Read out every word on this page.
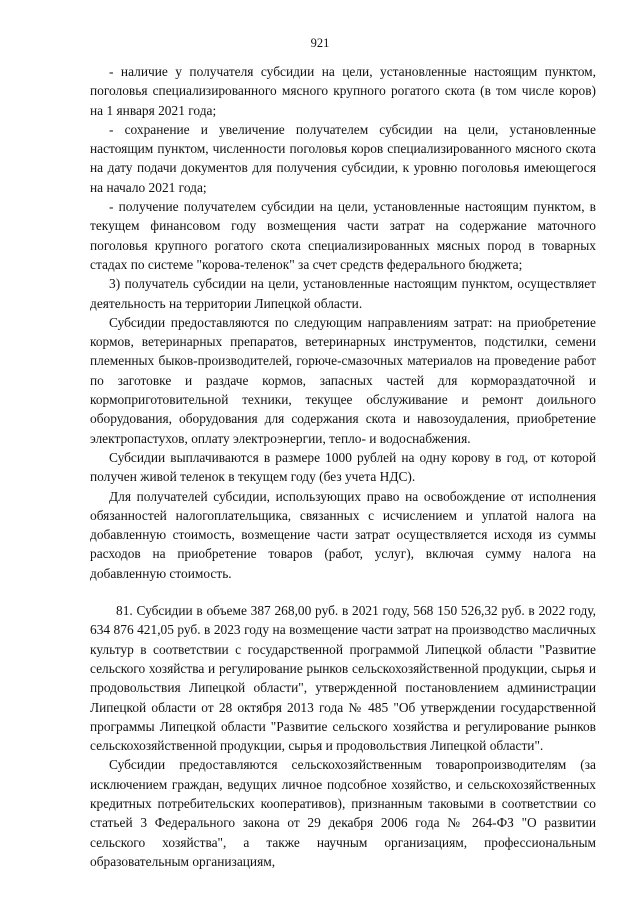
921

- наличие у получателя субсидии на цели, установленные настоящим пунктом, поголовья специализированного мясного крупного рогатого скота (в том числе коров) на 1 января 2021 года;

- сохранение и увеличение получателем субсидии на цели, установленные настоящим пунктом, численности поголовья коров специализированного мясного скота на дату подачи документов для получения субсидии, к уровню поголовья имеющегося на начало 2021 года;

- получение получателем субсидии на цели, установленные настоящим пунктом, в текущем финансовом году возмещения части затрат на содержание маточного поголовья крупного рогатого скота специализированных мясных пород в товарных стадах по системе "корова-теленок" за счет средств федерального бюджета;

3) получатель субсидии на цели, установленные настоящим пунктом, осуществляет деятельность на территории Липецкой области.

Субсидии предоставляются по следующим направлениям затрат: на приобретение кормов, ветеринарных препаратов, ветеринарных инструментов, подстилки, семени племенных быков-производителей, горюче-смазочных материалов на проведение работ по заготовке и раздаче кормов, запасных частей для кормораздаточной и кормоприготовительной техники, текущее обслуживание и ремонт доильного оборудования, оборудования для содержания скота и навозоудаления, приобретение электропастухов, оплату электроэнергии, тепло- и водоснабжения.

Субсидии выплачиваются в размере 1000 рублей на одну корову в год, от которой получен живой теленок в текущем году (без учета НДС).

Для получателей субсидии, использующих право на освобождение от исполнения обязанностей налогоплательщика, связанных с исчислением и уплатой налога на добавленную стоимость, возмещение части затрат осуществляется исходя из суммы расходов на приобретение товаров (работ, услуг), включая сумму налога на добавленную стоимость.

81. Субсидии в объеме 387 268,00 руб. в 2021 году, 568 150 526,32 руб. в 2022 году, 634 876 421,05 руб. в 2023 году на возмещение части затрат на производство масличных культур в соответствии с государственной программой Липецкой области "Развитие сельского хозяйства и регулирование рынков сельскохозяйственной продукции, сырья и продовольствия Липецкой области", утвержденной постановлением администрации Липецкой области от 28 октября 2013 года № 485 "Об утверждении государственной программы Липецкой области "Развитие сельского хозяйства и регулирование рынков сельскохозяйственной продукции, сырья и продовольствия Липецкой области".

Субсидии предоставляются сельскохозяйственным товаропроизводителям (за исключением граждан, ведущих личное подсобное хозяйство, и сельскохозяйственных кредитных потребительских кооперативов), признанным таковыми в соответствии со статьей 3 Федерального закона от 29 декабря 2006 года № 264-ФЗ "О развитии сельского хозяйства", а также научным организациям, профессиональным образовательным организациям,
